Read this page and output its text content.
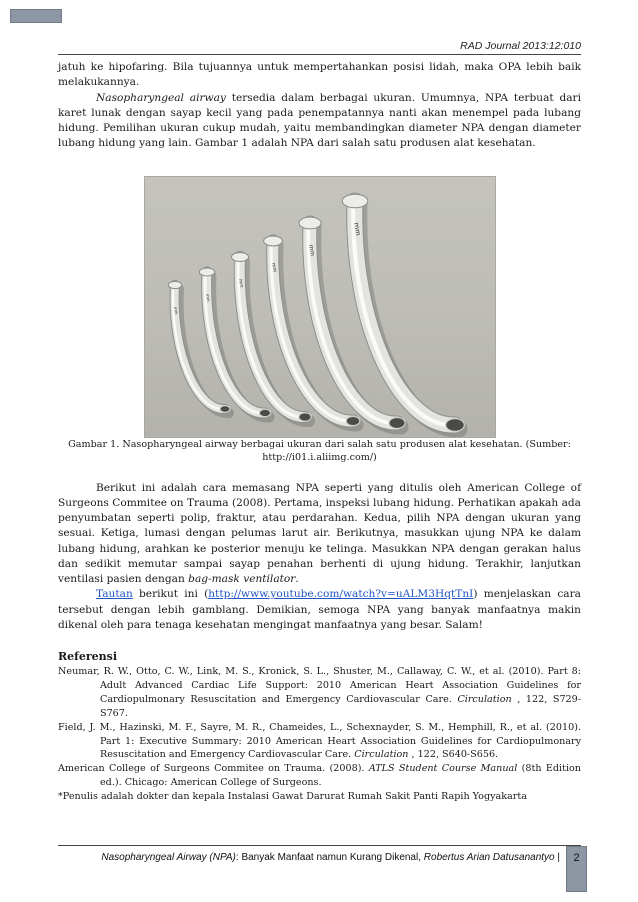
RAD Journal 2013:12:010

jatuh ke hipofaring. Bila tujuannya untuk mempertahankan posisi lidah, maka OPA lebih baik melakukannya.

Nasopharyngeal airway tersedia dalam berbagai ukuran. Umumnya, NPA terbuat dari karet lunak dengan sayap kecil yang pada penempatannya nanti akan menempel pada lubang hidung. Pemilihan ukuran cukup mudah, yaitu membandingkan diameter NPA dengan diameter lubang hidung yang lain. Gambar 1 adalah NPA dari salah satu produsen alat kesehatan.

mm
mm
mm
mm
mm
mm

Gambar 1. Nasopharyngeal airway berbagai ukuran dari salah satu produsen alat kesehatan. (Sumber: http://i01.i.aliimg.com/)

Berikut ini adalah cara memasang NPA seperti yang ditulis oleh American College of Surgeons Commitee on Trauma (2008). Pertama, inspeksi lubang hidung. Perhatikan apakah ada penyumbatan seperti polip, fraktur, atau perdarahan. Kedua, pilih NPA dengan ukuran yang sesuai. Ketiga, lumasi dengan pelumas larut air. Berikutnya, masukkan ujung NPA ke dalam lubang hidung, arahkan ke posterior menuju ke telinga. Masukkan NPA dengan gerakan halus dan sedikit memutar sampai sayap penahan berhenti di ujung hidung. Terakhir, lanjutkan ventilasi pasien dengan bag-mask ventilator.

Tautan berikut ini (http://www.youtube.com/watch?v=uALM3HqtTnI) menjelaskan cara tersebut dengan lebih gamblang. Demikian, semoga NPA yang banyak manfaatnya makin dikenal oleh para tenaga kesehatan mengingat manfaatnya yang besar. Salam!

Referensi

Neumar, R. W., Otto, C. W., Link, M. S., Kronick, S. L., Shuster, M., Callaway, C. W., et al. (2010). Part 8: Adult Advanced Cardiac Life Support: 2010 American Heart Association Guidelines for Cardiopulmonary Resuscitation and Emergency Cardiovascular Care. Circulation , 122, S729-S767.

Field, J. M., Hazinski, M. F., Sayre, M. R., Chameides, L., Schexnayder, S. M., Hemphill, R., et al. (2010). Part 1: Executive Summary: 2010 American Heart Association Guidelines for Cardiopulmonary Resuscitation and Emergency Cardiovascular Care. Circulation , 122, S640-S656.

American College of Surgeons Commitee on Trauma. (2008). ATLS Student Course Manual (8th Edition ed.). Chicago: American College of Surgeons.

*Penulis adalah dokter dan kepala Instalasi Gawat Darurat Rumah Sakit Panti Rapih Yogyakarta

Nasopharyngeal Airway (NPA): Banyak Manfaat namun Kurang Dikenal, Robertus Arian Datusanantyo |	2
